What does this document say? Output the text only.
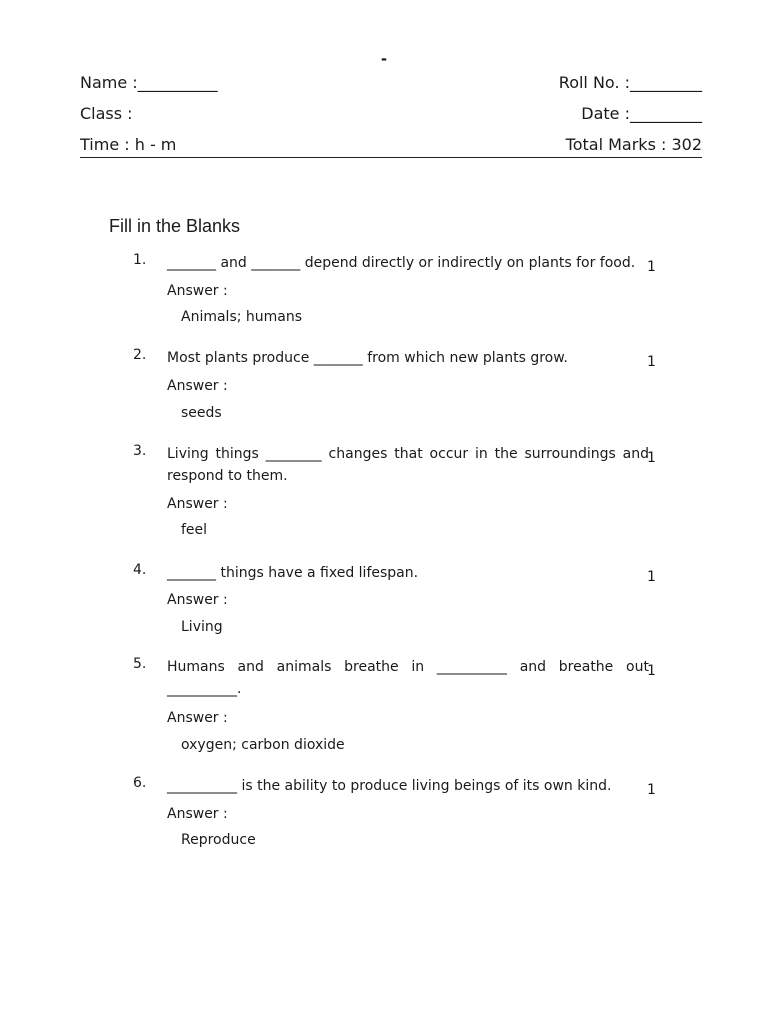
-
Name :__________	Roll No. :_________
Class :	Date :_________
Time : h - m	Total Marks : 302
Fill in the Blanks
1. _______ and _______ depend directly or indirectly on plants for food. 1
Answer :
Animals; humans
2. Most plants produce _______ from which new plants grow.	1
Answer :
seeds
3. Living things ________ changes that occur in the surroundings and respond to them.
1
Answer :
feel
4. _______ things have a fixed lifespan.	1
Answer :
Living
5. Humans and animals breathe in __________ and breathe out __________.
1
Answer :
oxygen; carbon dioxide
6. __________ is the ability to produce living beings of its own kind.	1
Answer :
Reproduce
